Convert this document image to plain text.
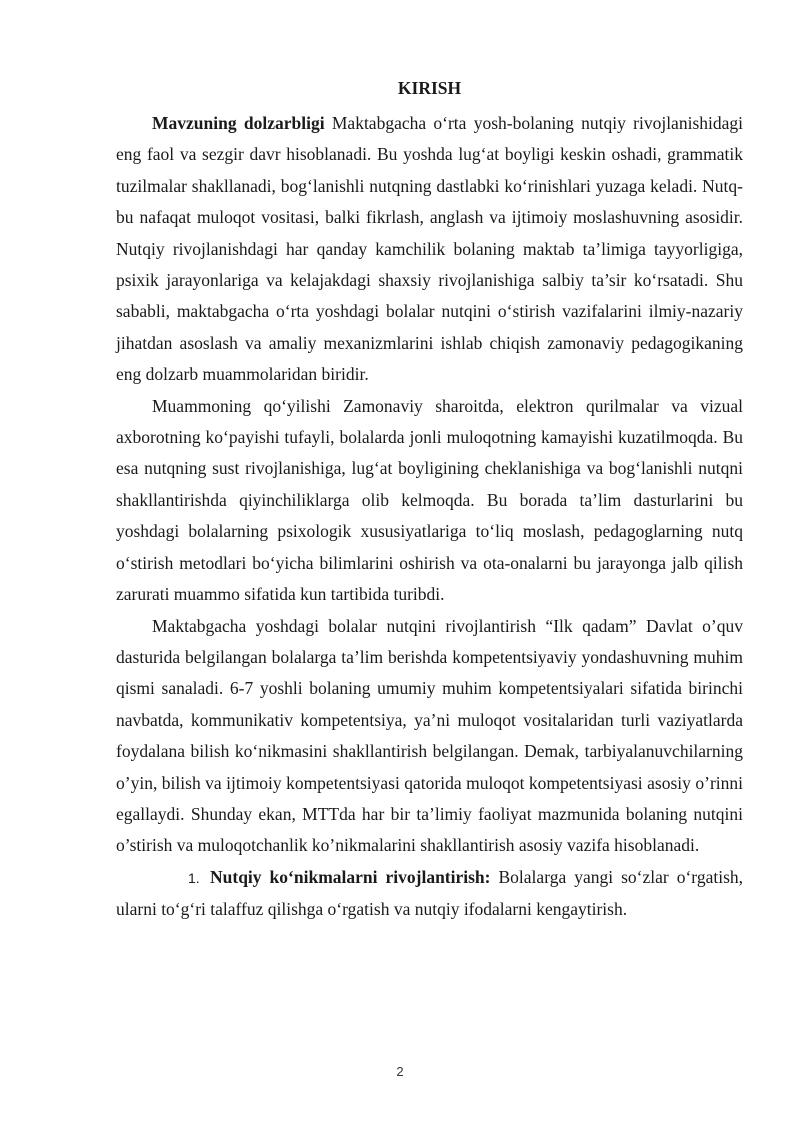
KIRISH

Mavzuning dolzarbligi Maktabgacha o‘rta yosh-bolaning nutqiy rivojlanishidagi eng faol va sezgir davr hisoblanadi. Bu yoshda lug‘at boyligi keskin oshadi, grammatik tuzilmalar shakllanadi, bog‘lanishli nutqning dastlabki ko‘rinishlari yuzaga keladi. Nutq-bu nafaqat muloqot vositasi, balki fikrlash, anglash va ijtimoiy moslashuvning asosidir. Nutqiy rivojlanishdagi har qanday kamchilik bolaning maktab ta’limiga tayyorligiga, psixik jarayonlariga va kelajakdagi shaxsiy rivojlanishiga salbiy ta’sir ko‘rsatadi. Shu sababli, maktabgacha o‘rta yoshdagi bolalar nutqini o‘stirish vazifalarini ilmiy-nazariy jihatdan asoslash va amaliy mexanizmlarini ishlab chiqish zamonaviy pedagogikaning eng dolzarb muammolaridan biridir.

Muammoning qo‘yilishi Zamonaviy sharoitda, elektron qurilmalar va vizual axborotning ko‘payishi tufayli, bolalarda jonli muloqotning kamayishi kuzatilmoqda. Bu esa nutqning sust rivojlanishiga, lug‘at boyligining cheklanishiga va bog‘lanishli nutqni shakllantirishda qiyinchiliklarga olib kelmoqda. Bu borada ta’lim dasturlarini bu yoshdagi bolalarning psixologik xususiyatlariga to‘liq moslash, pedagoglarning nutq o‘stirish metodlari bo‘yicha bilimlarini oshirish va ota-onalarni bu jarayonga jalb qilish zarurati muammo sifatida kun tartibida turibdi.

Maktabgacha yoshdagi bolalar nutqini rivojlantirish “Ilk qadam” Davlat o’quv dasturida belgilangan bolalarga ta’lim berishda kompetentsiyaviy yondashuvning muhim qismi sanaladi. 6-7 yoshli bolaning umumiy muhim kompetentsiyalari sifatida birinchi navbatda, kommunikativ kompetentsiya, ya’ni muloqot vositalaridan turli vaziyatlarda foydalana bilish ko‘nikmasini shakllantirish belgilangan. Demak, tarbiyalanuvchilarning o’yin, bilish va ijtimoiy kompetentsiyasi qatorida muloqot kompetentsiyasi asosiy o’rinni egallaydi. Shunday ekan, MTTda har bir ta’limiy faoliyat mazmunida bolaning nutqini o’stirish va muloqotchanlik ko’nikmalarini shakllantirish asosiy vazifa hisoblanadi.

1. Nutqiy ko‘nikmalarni rivojlantirish: Bolalarga yangi so‘zlar o‘rgatish, ularni to‘g‘ri talaffuz qilishga o‘rgatish va nutqiy ifodalarni kengaytirish.

2
